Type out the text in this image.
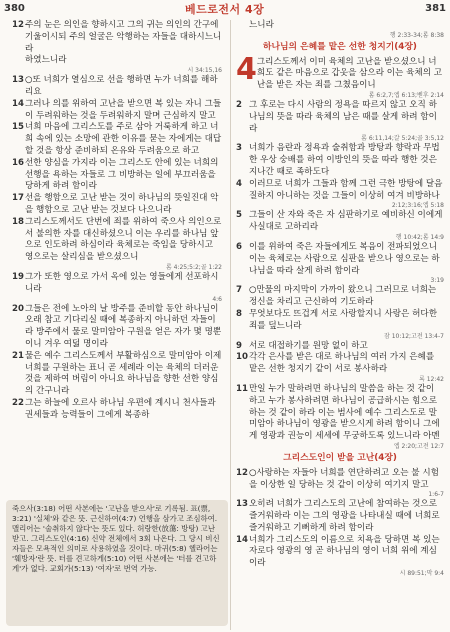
380	베드로전서 4장	381
12 주의 눈은 의인을 향하시고 그의 귀는 의인의 간구에 기울이시되 주의 얼굴은 악행하는 자들을 대하시느니라
하였느니라
시 34:15,16
13 ○또 너희가 열심으로 선을 행하면 누가 너희를 해하리요
14 그러나 의를 위하여 고난을 받으면 복 있는 자니 그들이 두려워하는 것을 두려워하지 말며 근심하지 말고
15 너희 마음에 그리스도를 주로 삼아 거룩하게 하고 너희 속에 있는 소망에 관한 이유를 묻는 자에게는 대답할 것을 항상 준비하되 온유와 두려움으로 하고
16 선한 양심을 가지라 이는 그리스도 안에 있는 너희의 선행을 욕하는 자들로 그 비방하는 일에 부끄러움을 당하게 하려 함이라
17 선을 행함으로 고난 받는 것이 하나님의 뜻일진대 악을 행함으로 고난 받는 것보다 나으니라
18 그리스도께서도 단번에 죄를 위하여 죽으사 의인으로서 불의한 자를 대신하셨으니 이는 우리를 하나님 앞으로 인도하려 하심이라 육체로는 죽임을 당하시고 영으로는 살리심을 받으셨으니
롬 4:25;5:2;골 1:22
19 그가 또한 영으로 가서 옥에 있는 영들에게 선포하시니라
4:6
20 그들은 전에 노아의 날 방주를 준비할 동안 하나님이 오래 참고 기다리실 때에 복종하지 아니하던 자들이라 방주에서 물로 말미암아 구원을 얻은 자가 몇 명뿐이니 겨우 여덟 명이라
21 물은 예수 그리스도께서 부활하심으로 말미암아 이제 너희를 구원하는 표니 곧 세례라 이는 육체의 더러운 것을 제하여 버림이 아니요 하나님을 향한 선한 양심의 간구니라
22 그는 하늘에 오르사 하나님 우편에 계시니 천사들과 권세들과 능력들이 그에게 복종하
죽으사(3:18) 어떤 사본에는 '고난을 받으사'로 기록됨. 표(票, 3:21) '실체'와 같은 뜻. 근신하여(4:7) 언행을 삼가고 조심하여. 맬리어는 '술취하지 않다'는 뜻도 있다. 허랑한(放蕩: 방탕) 고난 받고. 그리스도인(4:16) 신약 전체에서 3회 나온다. 그 당시 비신자들은 모욕적인 의미로 사용하였을 것이다. 마귀(5:8) 헬라어는 '훼방자'란 뜻. 터를 견고하게(5:10) 어떤 사본에는 '터를 견고하게'가 없다. 교회가(5:13) '여자'로 번역 가능.
느니라
행 2:33-34;롬 8:38
하나님의 은혜를 맡은 선한 청지기(4장)
4 그리스도께서 이미 육체의 고난을 받으셨으니 너희도 같은 마음으로 갑옷을 삼으라 이는 육체의 고난을 받은 자는 죄를 그쳤음이니
롬 6:2,7;엡 6:13;벧후 2:14
2 그 후로는 다시 사람의 정욕을 따르지 않고 오직 하나님의 뜻을 따라 육체의 남은 때를 살게 하려 함이라
롬 6:11,14;갈 5:24;골 3:5,12
3 너희가 음란과 정욕과 술취함과 방탕과 향락과 무법한 우상 숭배를 하여 이방인의 뜻을 따라 행한 것은 지나간 때로 족하도다
4 이러므로 너희가 그들과 함께 그런 극한 방탕에 달음질하지 아니하는 것을 그들이 이상히 여겨 비방하나
2:12;3:16;엡 5:18
5 그들이 산 자와 죽은 자 심판하기로 예비하신 이에게 사실대로 고하리라
행 10:42;롬 14:9
6 이를 위하여 죽은 자들에게도 복음이 전파되었으니 이는 육체로는 사람으로 심판을 받으나 영으로는 하나님을 따라 살게 하려 함이라
3:19
7 ○만물의 마지막이 가까이 왔으니 그러므로 너희는 정신을 차리고 근신하여 기도하라
8 무엇보다도 뜨겁게 서로 사랑할지니 사랑은 허다한 죄를 덮느니라
잠 10:12;고전 13:4-7
9 서로 대접하기를 원망 없이 하고
10 각각 은사를 받은 대로 하나님의 여러 가지 은혜를 맡은 선한 청지기 같이 서로 봉사하라
록 12:42
11 만일 누가 말하려면 하나님의 말씀을 하는 것 같이 하고 누가 봉사하려면 하나님이 공급하시는 힘으로 하는 것 같이 하라 이는 범사에 예수 그리스도로 말미암아 하나님이 영광을 받으시게 하려 함이니 그에게 영광과 권능이 세세에 무궁하도록 있느니라 아멘
엡 2:20;고전 12:7
그리스도인이 받을 고난(4장)
12 ○사랑하는 자들아 너희를 연단하려고 오는 불 시험을 이상한 일 당하는 것 같이 이상히 여기지 말고
1:6-7
13 오히려 너희가 그리스도의 고난에 참여하는 것으로 즐거워하라 이는 그의 영광을 나타내실 때에 너희로 즐거워하고 기뻐하게 하려 함이라
14 너희가 그리스도의 이름으로 치욕을 당하면 복 있는 자로다 영광의 영 곧 하나님의 영이 너희 위에 계심이라
시 89:51;막 9:4
